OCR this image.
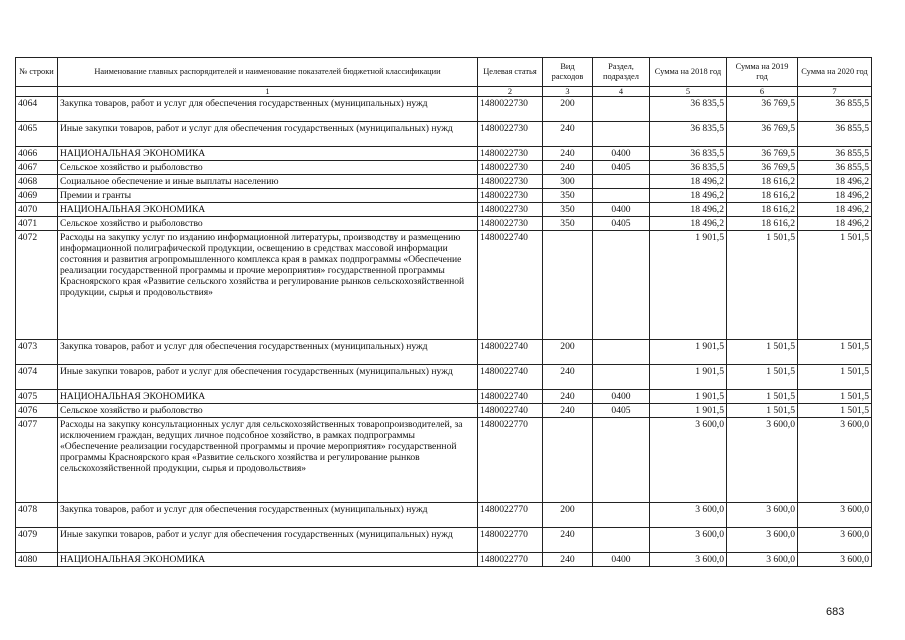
№ строки	Наименование главных распорядителей и наименование показателей бюджетной классификации	Целевая статья	Вид расходов	Раздел, подраздел	Сумма на 2018 год	Сумма на 2019 год	Сумма на 2020 год
	1	2	3	4	5	6	7
4064	Закупка товаров, работ и услуг для обеспечения государственных (муниципальных) нужд	1480022730	200		36 835,5	36 769,5	36 855,5
4065	Иные закупки товаров, работ и услуг для обеспечения государственных (муниципальных) нужд	1480022730	240		36 835,5	36 769,5	36 855,5
4066	НАЦИОНАЛЬНАЯ ЭКОНОМИКА	1480022730	240	0400	36 835,5	36 769,5	36 855,5
4067	Сельское хозяйство и рыболовство	1480022730	240	0405	36 835,5	36 769,5	36 855,5
4068	Социальное обеспечение и иные выплаты населению	1480022730	300		18 496,2	18 616,2	18 496,2
4069	Премии и гранты	1480022730	350		18 496,2	18 616,2	18 496,2
4070	НАЦИОНАЛЬНАЯ ЭКОНОМИКА	1480022730	350	0400	18 496,2	18 616,2	18 496,2
4071	Сельское хозяйство и рыболовство	1480022730	350	0405	18 496,2	18 616,2	18 496,2
4072	Расходы на закупку услуг по изданию информационной литературы, производству и размещению информационной полиграфической продукции, освещению в средствах массовой информации состояния и развития агропромышленного комплекса края в рамках подпрограммы «Обеспечение реализации государственной программы и прочие мероприятия» государственной программы Красноярского края «Развитие сельского хозяйства и регулирование рынков сельскохозяйственной продукции, сырья и продовольствия»	1480022740			1 901,5	1 501,5	1 501,5
4073	Закупка товаров, работ и услуг для обеспечения государственных (муниципальных) нужд	1480022740	200		1 901,5	1 501,5	1 501,5
4074	Иные закупки товаров, работ и услуг для обеспечения государственных (муниципальных) нужд	1480022740	240		1 901,5	1 501,5	1 501,5
4075	НАЦИОНАЛЬНАЯ ЭКОНОМИКА	1480022740	240	0400	1 901,5	1 501,5	1 501,5
4076	Сельское хозяйство и рыболовство	1480022740	240	0405	1 901,5	1 501,5	1 501,5
4077	Расходы на закупку консультационных услуг для сельскохозяйственных товаропроизводителей, за исключением граждан, ведущих личное подсобное хозяйство, в рамках подпрограммы «Обеспечение реализации государственной программы и прочие мероприятия» государственной программы Красноярского края «Развитие сельского хозяйства и регулирование рынков сельскохозяйственной продукции, сырья и продовольствия»	1480022770			3 600,0	3 600,0	3 600,0
4078	Закупка товаров, работ и услуг для обеспечения государственных (муниципальных) нужд	1480022770	200		3 600,0	3 600,0	3 600,0
4079	Иные закупки товаров, работ и услуг для обеспечения государственных (муниципальных) нужд	1480022770	240		3 600,0	3 600,0	3 600,0
4080	НАЦИОНАЛЬНАЯ ЭКОНОМИКА	1480022770	240	0400	3 600,0	3 600,0	3 600,0
683
